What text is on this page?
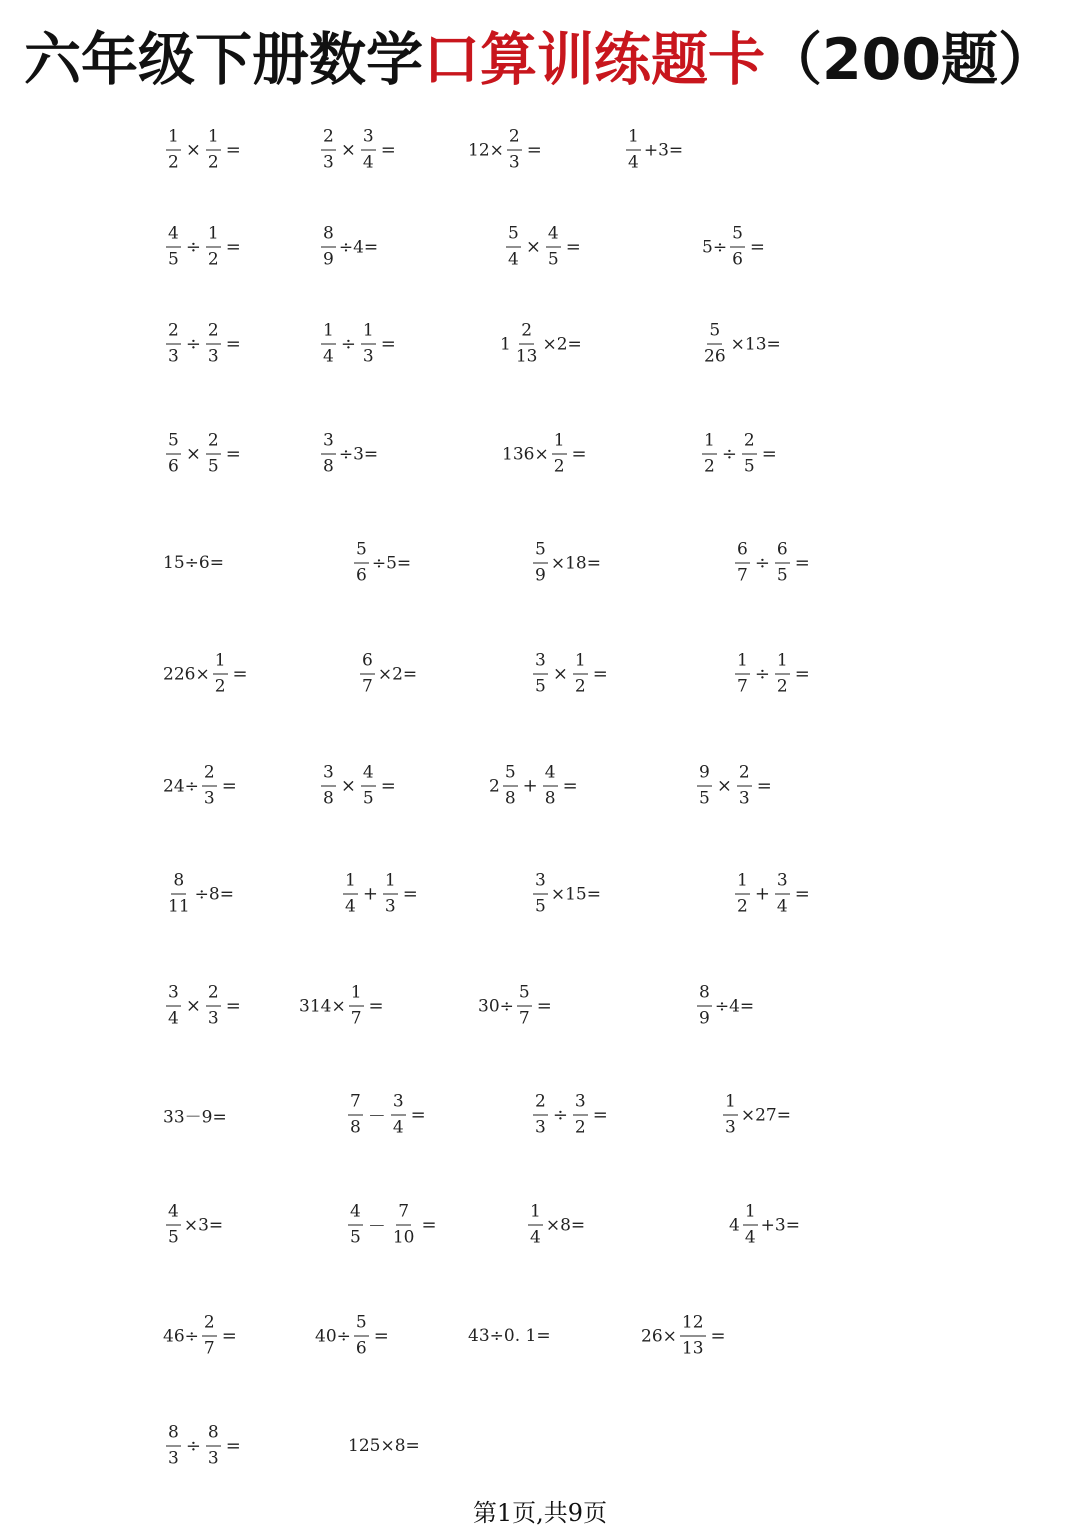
六年级下册数学口算训练题卡（200题）
$\frac{1}{2} \times \frac{1}{2}$ =	$\frac{2}{3} \times \frac{3}{4}$ =	$12\times \frac{2}{3}$ =	$\frac{1}{4} +3=$
$\frac{4}{5} \div \frac{1}{2}$ =	$\frac{8}{9} \div 4=$	$\frac{5}{4} \times \frac{4}{5}$ =	$5\div \frac{5}{6}$ =
$\frac{2}{3} \div \frac{2}{3}$ =	$\frac{1}{4} \div \frac{1}{3}$ =	$1 \frac{2}{13} \times 2=$	$\frac{5}{26} \times 13=$
$\frac{5}{6} \times \frac{2}{5}$ =	$\frac{3}{8} \div 3=$	$136\times \frac{1}{2}$ =	$\frac{1}{2} \div \frac{2}{5}$ =
15÷6=	$\frac{5}{6} \div 5=$	$\frac{5}{9} \times 18=$	$\frac{6}{7} \div \frac{6}{5}$ =
$226\times \frac{1}{2}$ =	$\frac{6}{7} \times 2=$	$\frac{3}{5} \times \frac{1}{2}$ =	$\frac{1}{7} \div \frac{1}{2}$ =
$24\div \frac{2}{3}$ =	$\frac{3}{8} \times \frac{4}{5}$ =	$2 \frac{5}{8} + \frac{4}{8}$ =	$\frac{9}{5} \times \frac{2}{3}$ =
$\frac{8}{11} \div 8=$	$\frac{1}{4} + \frac{1}{3}$ =	$\frac{3}{5} \times 15=$	$\frac{1}{2} + \frac{3}{4}$ =
$\frac{3}{4} \times \frac{2}{3}$ =	$314\times \frac{1}{7}$ =	$30\div \frac{5}{7}$ =	$\frac{8}{9} \div 4=$
33－9=	$\frac{7}{8} - \frac{3}{4}$ =	$\frac{2}{3} \div \frac{3}{2}$ =	$\frac{1}{3} \times 27=$
$\frac{4}{5} \times 3=$	$\frac{4}{5} - \frac{7}{10}$ =	$\frac{1}{4} \times 8=$	$4 \frac{1}{4} +3=$
$46\div \frac{2}{7}$ =	$40\div \frac{5}{6}$ =	43÷0. 1=	$26\times \frac{12}{13}$ =
$\frac{8}{3} \div \frac{8}{3}$ =	125×8=
第1页,共9页
